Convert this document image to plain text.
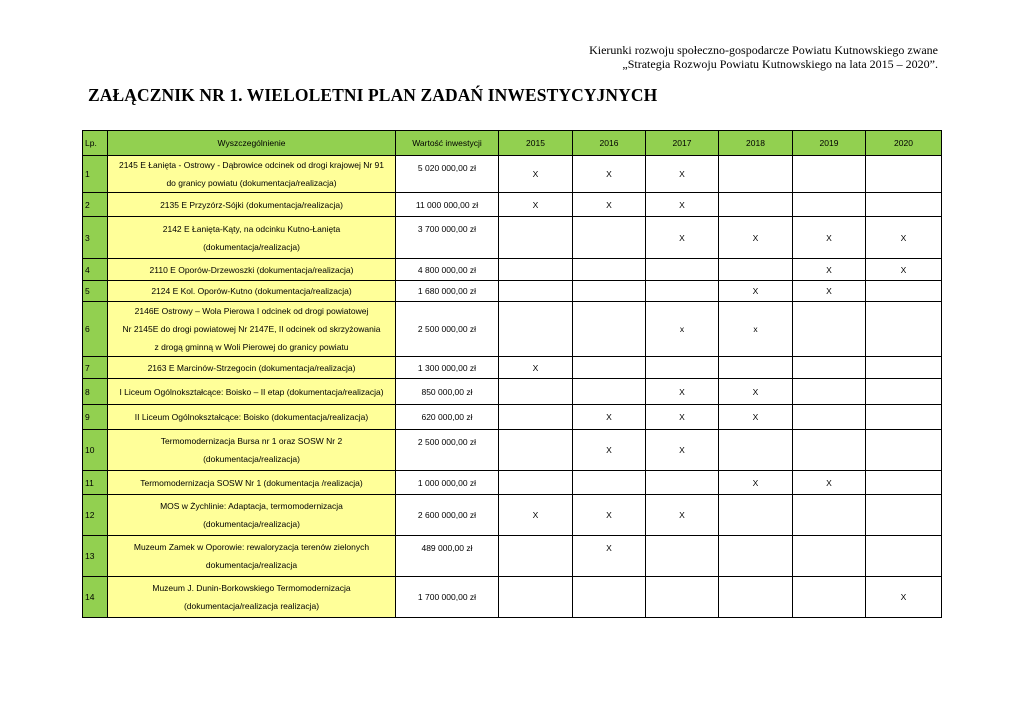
Kierunki rozwoju społeczno-gospodarcze Powiatu Kutnowskiego zwane
„Strategia Rozwoju Powiatu Kutnowskiego na lata 2015 – 2020”.
ZAŁĄCZNIK NR 1. WIELOLETNI PLAN ZADAŃ INWESTYCYJNYCH
Lp.	Wyszczególnienie	Wartość inwestycji	2015	2016	2017	2018	2019	2020
1	2145 E Łanięta - Ostrowy - Dąbrowice odcinek od drogi krajowej Nr 91
do granicy powiatu (dokumentacja/realizacja)	5 020 000,00 zł	X	X	X			
2	2135 E Przyzórz-Sójki (dokumentacja/realizacja)	11 000 000,00 zł	X	X	X			
3	2142 E Łanięta-Kąty, na odcinku Kutno-Łanięta
(dokumentacja/realizacja)	3 700 000,00 zł			X	X	X	X
4	2110 E Oporów-Drzewoszki (dokumentacja/realizacja)	4 800 000,00 zł					X	X
5	2124 E Kol. Oporów-Kutno (dokumentacja/realizacja)	1 680 000,00 zł				X	X	
6	2146E Ostrowy – Wola Pierowa I odcinek od drogi powiatowej
Nr 2145E do drogi powiatowej Nr 2147E, II odcinek od skrzyżowania
z drogą gminną w Woli Pierowej do granicy powiatu	2 500 000,00 zł			x	x		
7	2163 E Marcinów-Strzegocin (dokumentacja/realizacja)	1 300 000,00 zł	X					
8	I Liceum Ogólnokształcące: Boisko – II etap (dokumentacja/realizacja)	850 000,00 zł			X	X		
9	II Liceum Ogólnokształcące: Boisko (dokumentacja/realizacja)	620 000,00 zł		X	X	X		
10	Termomodernizacja Bursa nr 1 oraz SOSW Nr 2
(dokumentacja/realizacja)	2 500 000,00 zł		X	X			
11	Termomodernizacja SOSW Nr 1 (dokumentacja /realizacja)	1 000 000,00 zł				X	X	
12	MOS w Żychlinie: Adaptacja, termomodernizacja
(dokumentacja/realizacja)	2 600 000,00 zł	X	X	X			
13	Muzeum Zamek w Oporowie: rewaloryzacja terenów zielonych
dokumentacja/realizacja	489 000,00 zł		X				
14	Muzeum J. Dunin-Borkowskiego Termomodernizacja
(dokumentacja/realizacja realizacja)	1 700 000,00 zł						X
